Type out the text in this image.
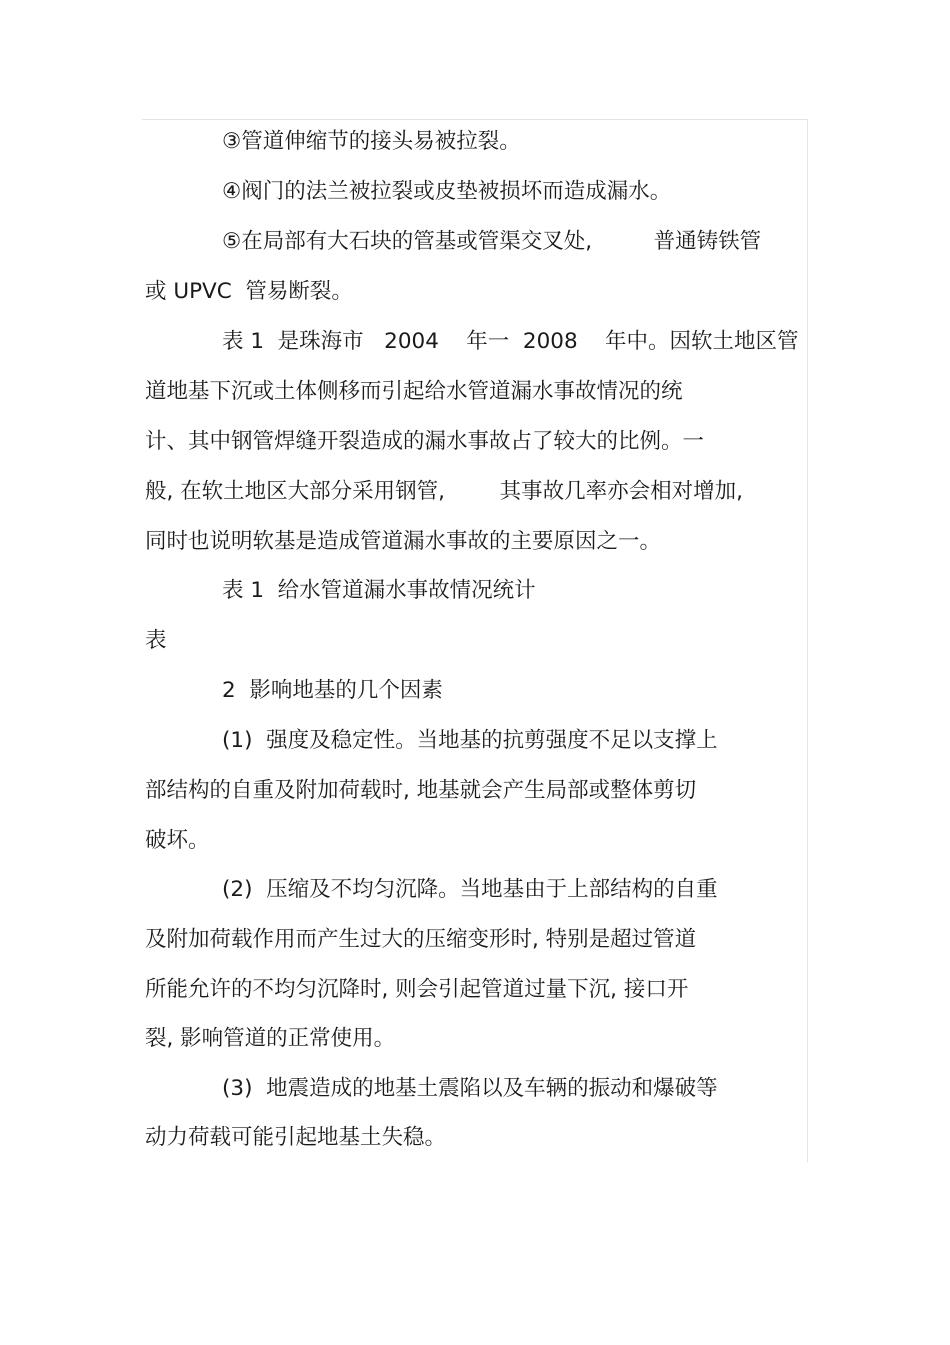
③管道伸缩节的接头易被拉裂。

④阀门的法兰被拉裂或皮垫被损坏而造成漏水。

⑤在局部有大石块的管基或管渠交叉处,         普通铸铁管

或 UPVC  管易断裂。

表 1  是珠海市   2004    年一  2008    年中。因软土地区管

道地基下沉或土体侧移而引起给水管道漏水事故情况的统

计、其中钢管焊缝开裂造成的漏水事故占了较大的比例。一

般, 在软土地区大部分采用钢管,        其事故几率亦会相对增加,

同时也说明软基是造成管道漏水事故的主要原因之一。

表 1  给水管道漏水事故情况统计

表

2  影响地基的几个因素

(1)  强度及稳定性。当地基的抗剪强度不足以支撑上

部结构的自重及附加荷载时, 地基就会产生局部或整体剪切

破坏。

(2)  压缩及不均匀沉降。当地基由于上部结构的自重

及附加荷载作用而产生过大的压缩变形时, 特别是超过管道

所能允许的不均匀沉降时, 则会引起管道过量下沉, 接口开

裂, 影响管道的正常使用。

(3)  地震造成的地基土震陷以及车辆的振动和爆破等

动力荷载可能引起地基土失稳。
